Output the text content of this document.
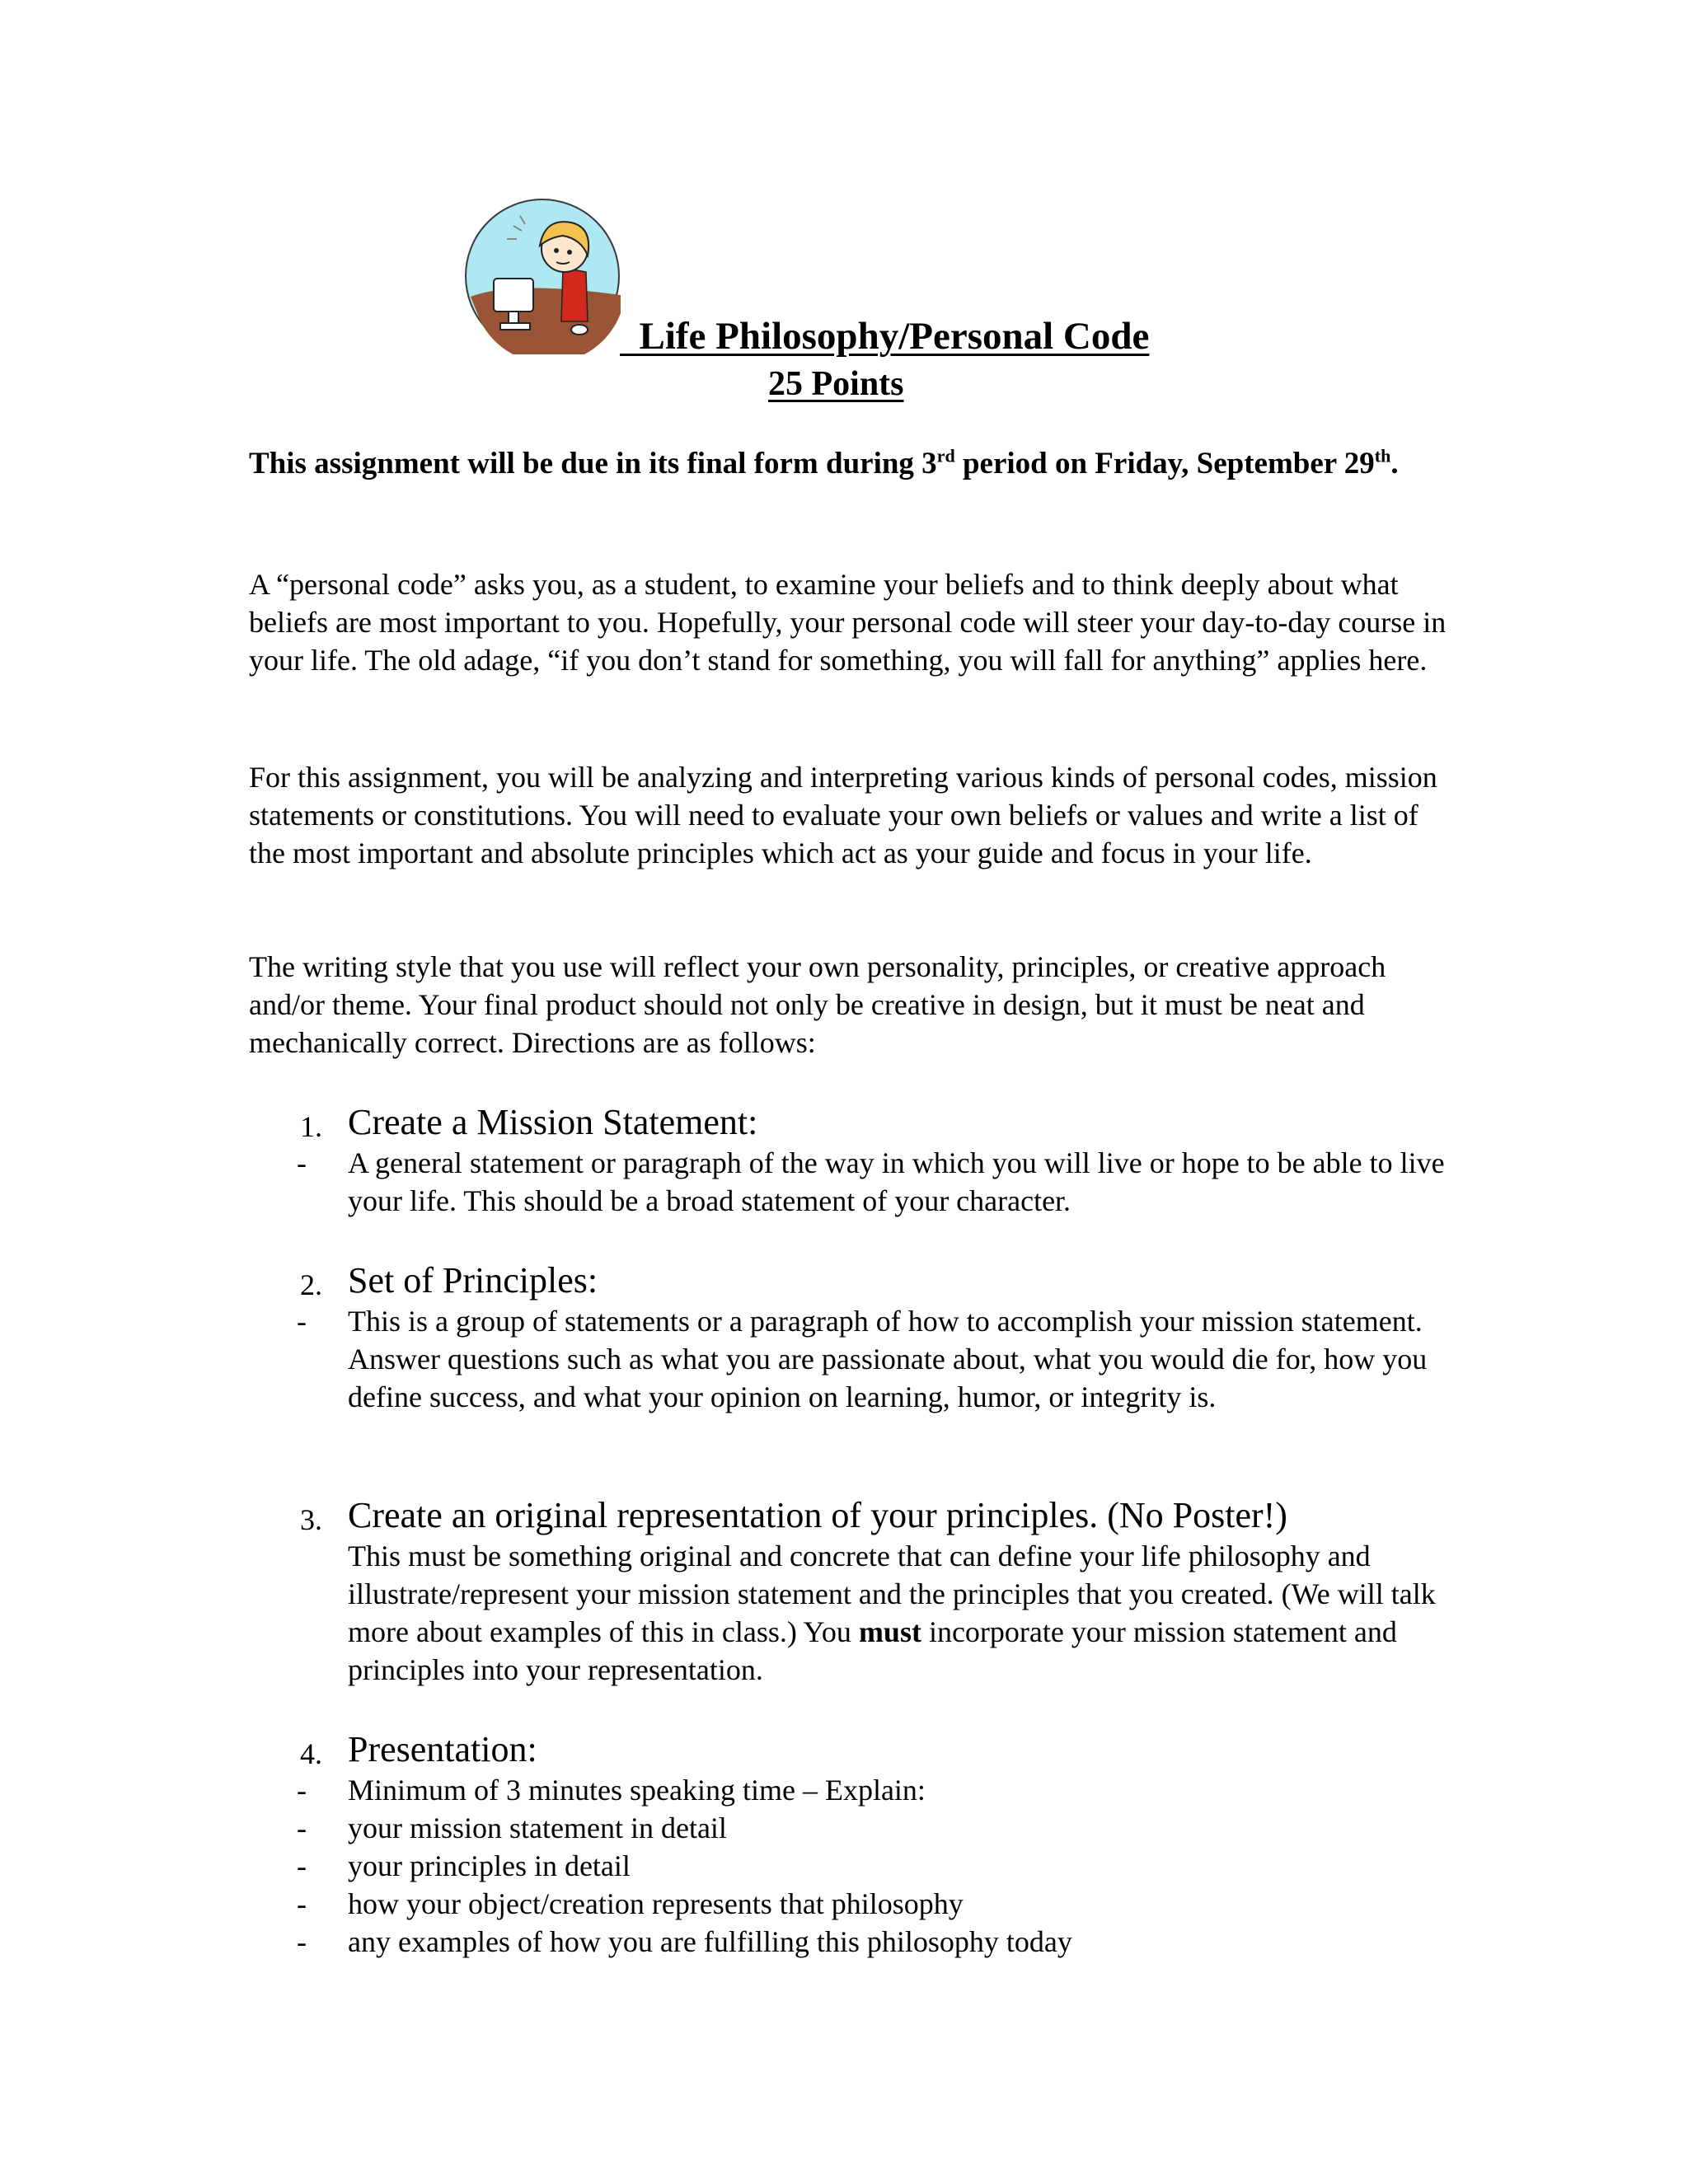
Life Philosophy/Personal Code
25 Points
This assignment will be due in its final form during 3rd period on Friday, September 29th.
A “personal code” asks you, as a student, to examine your beliefs and to think deeply about what beliefs are most important to you. Hopefully, your personal code will steer your day-to-day course in your life. The old adage, “if you don’t stand for something, you will fall for anything” applies here.
For this assignment, you will be analyzing and interpreting various kinds of personal codes, mission statements or constitutions. You will need to evaluate your own beliefs or values and write a list of the most important and absolute principles which act as your guide and focus in your life.
The writing style that you use will reflect your own personality, principles, or creative approach and/or theme. Your final product should not only be creative in design, but it must be neat and mechanically correct. Directions are as follows:
1. Create a Mission Statement:
- A general statement or paragraph of the way in which you will live or hope to be able to live your life. This should be a broad statement of your character.
2. Set of Principles:
- This is a group of statements or a paragraph of how to accomplish your mission statement. Answer questions such as what you are passionate about, what you would die for, how you define success, and what your opinion on learning, humor, or integrity is.
3. Create an original representation of your principles. (No Poster!)
This must be something original and concrete that can define your life philosophy and illustrate/represent your mission statement and the principles that you created. (We will talk more about examples of this in class.) You must incorporate your mission statement and principles into your representation.
4. Presentation:
- Minimum of 3 minutes speaking time – Explain:
- your mission statement in detail
- your principles in detail
- how your object/creation represents that philosophy
- any examples of how you are fulfilling this philosophy today
